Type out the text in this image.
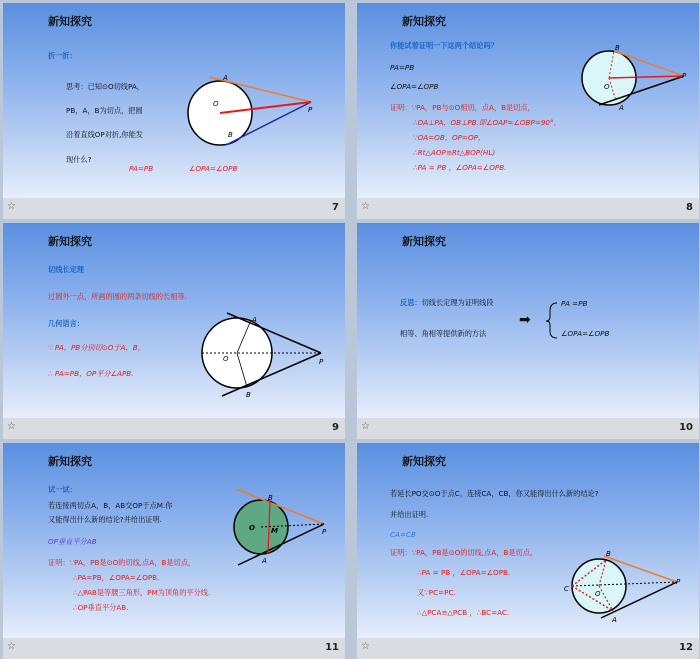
新知探究
折一折：
思考：已知⊙O切线PA，
PB，A，B为切点，把圆
沿着直线OP对折,你能发
现什么?
PA=PB	∠OPA=∠OPB
A
O
P
B
☆	7
新知探究
你能试着证明一下这两个结论吗？
PA=PB
∠OPA=∠OPB
证明：∵PA，PB与⊙O相切，点A，B是切点，
∴OA⊥PA，OB⊥PB.即∠OAP=∠OBP=90°，
∵OA=OB，OP=OP，
∴Rt△AOP≌Rt△BOP(HL)
∴PA = PB ，∠OPA=∠OPB.
B
O
P
A
☆	8
新知探究
切线长定理
过圆外一点，所画的圆的两条切线的长相等.
几何语言：
∵ PA，PB分别切⊙O于A，B，
∴ PA=PB，OP平分∠APB.
A
O	P
B
☆	9
新知探究
反思：切线长定理为证明线段
相等、角相等提供新的方法
➡
PA =PB
∠OPA=∠OPB
☆	10
新知探究
试一试：
若连接两切点A，B，AB交OP于点M.你
又能得出什么新的结论?并给出证明.
OP垂直平分AB
证明：∵PA，PB是⊙O的切线,点A，B是切点，
∴PA=PB，∠OPA=∠OPB.
∴△PAB是等腰三角形，PM为顶角的平分线.
∴OP垂直平分AB.
B
O M	P
A
☆	11
新知探究
若延长PO交⊙O于点C，连接CA，CB，你又能得出什么新的结论?
并给出证明.
CA=CB
证明：∵PA，PB是⊙O的切线,点A，B是切点，
∴PA = PB ，∠OPA=∠OPB.
又∵PC=PC.
∴△PCA≌△PCB ，∴BC=AC.
B
C
O
P
A
☆	12
